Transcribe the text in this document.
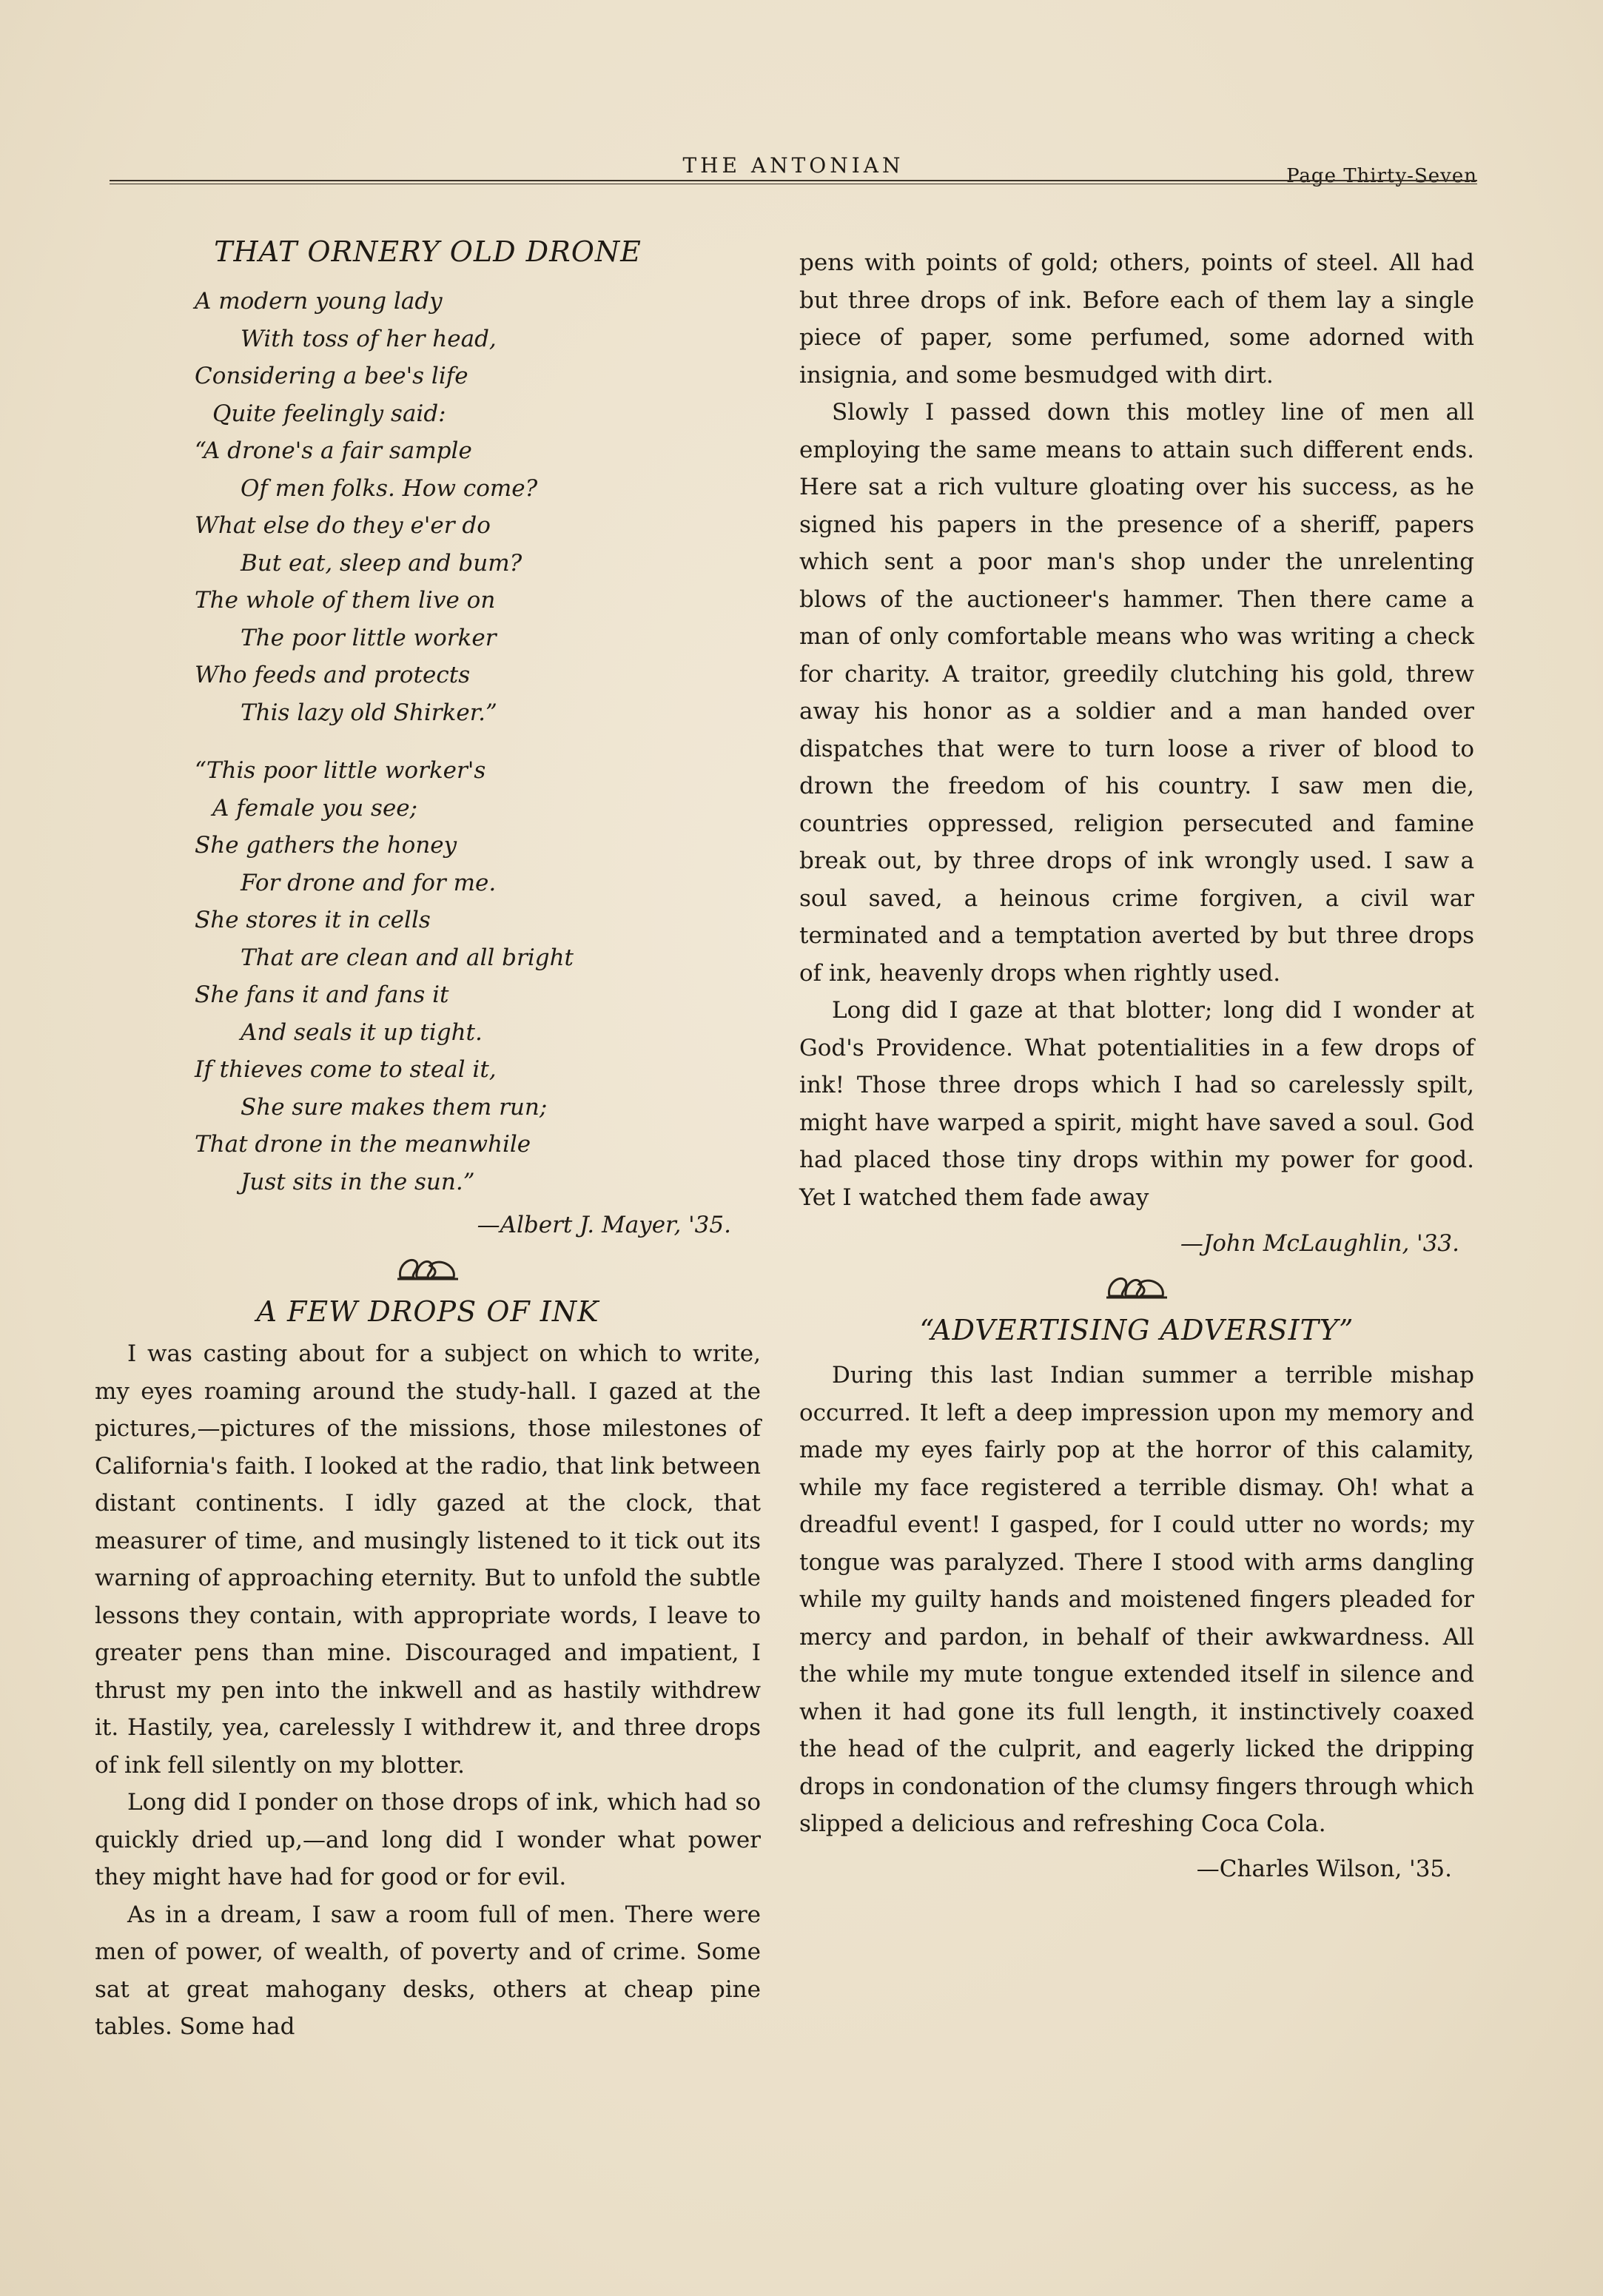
THE ANTONIAN	Page Thirty-Seven
THAT ORNERY OLD DRONE
A modern young lady
With toss of her head,
Considering a bee's life
Quite feelingly said:
“A drone's a fair sample
Of men folks. How come?
What else do they e'er do
But eat, sleep and bum?
The whole of them live on
The poor little worker
Who feeds and protects
This lazy old Shirker.”
“This poor little worker's
A female you see;
She gathers the honey
For drone and for me.
She stores it in cells
That are clean and all bright
She fans it and fans it
And seals it up tight.
If thieves come to steal it,
She sure makes them run;
That drone in the meanwhile
Just sits in the sun.”
—Albert J. Mayer, '35.
A FEW DROPS OF INK

I was casting about for a subject on which to write, my eyes roaming around the study-hall. I gazed at the pictures,—pictures of the missions, those milestones of California's faith. I looked at the radio, that link between distant continents. I idly gazed at the clock, that measurer of time, and musingly listened to it tick out its warning of approaching eternity. But to unfold the subtle lessons they contain, with appropriate words, I leave to greater pens than mine. Discouraged and impatient, I thrust my pen into the inkwell and as hastily withdrew it. Hastily, yea, carelessly I withdrew it, and three drops of ink fell silently on my blotter.

Long did I ponder on those drops of ink, which had so quickly dried up,—and long did I wonder what power they might have had for good or for evil.

As in a dream, I saw a room full of men. There were men of power, of wealth, of poverty and of crime. Some sat at great mahogany desks, others at cheap pine tables. Some had

pens with points of gold; others, points of steel. All had but three drops of ink. Before each of them lay a single piece of paper, some perfumed, some adorned with insignia, and some besmudged with dirt.

Slowly I passed down this motley line of men all employing the same means to attain such different ends. Here sat a rich vulture gloating over his success, as he signed his papers in the presence of a sheriff, papers which sent a poor man's shop under the unrelenting blows of the auctioneer's hammer. Then there came a man of only comfortable means who was writing a check for charity. A traitor, greedily clutching his gold, threw away his honor as a soldier and a man handed over dispatches that were to turn loose a river of blood to drown the freedom of his country. I saw men die, countries oppressed, religion persecuted and famine break out, by three drops of ink wrongly used. I saw a soul saved, a heinous crime forgiven, a civil war terminated and a temptation averted by but three drops of ink, heavenly drops when rightly used.

Long did I gaze at that blotter; long did I wonder at God's Providence. What potentialities in a few drops of ink! Those three drops which I had so carelessly spilt, might have warped a spirit, might have saved a soul. God had placed those tiny drops within my power for good. Yet I watched them fade away

—John McLaughlin, '33.
“ADVERTISING ADVERSITY”

During this last Indian summer a terrible mishap occurred. It left a deep impression upon my memory and made my eyes fairly pop at the horror of this calamity, while my face registered a terrible dismay. Oh! what a dreadful event! I gasped, for I could utter no words; my tongue was paralyzed. There I stood with arms dangling while my guilty hands and moistened fingers pleaded for mercy and pardon, in behalf of their awkwardness. All the while my mute tongue extended itself in silence and when it had gone its full length, it instinctively coaxed the head of the culprit, and eagerly licked the dripping drops in condonation of the clumsy fingers through which slipped a delicious and refreshing Coca Cola.

—Charles Wilson, '35.
